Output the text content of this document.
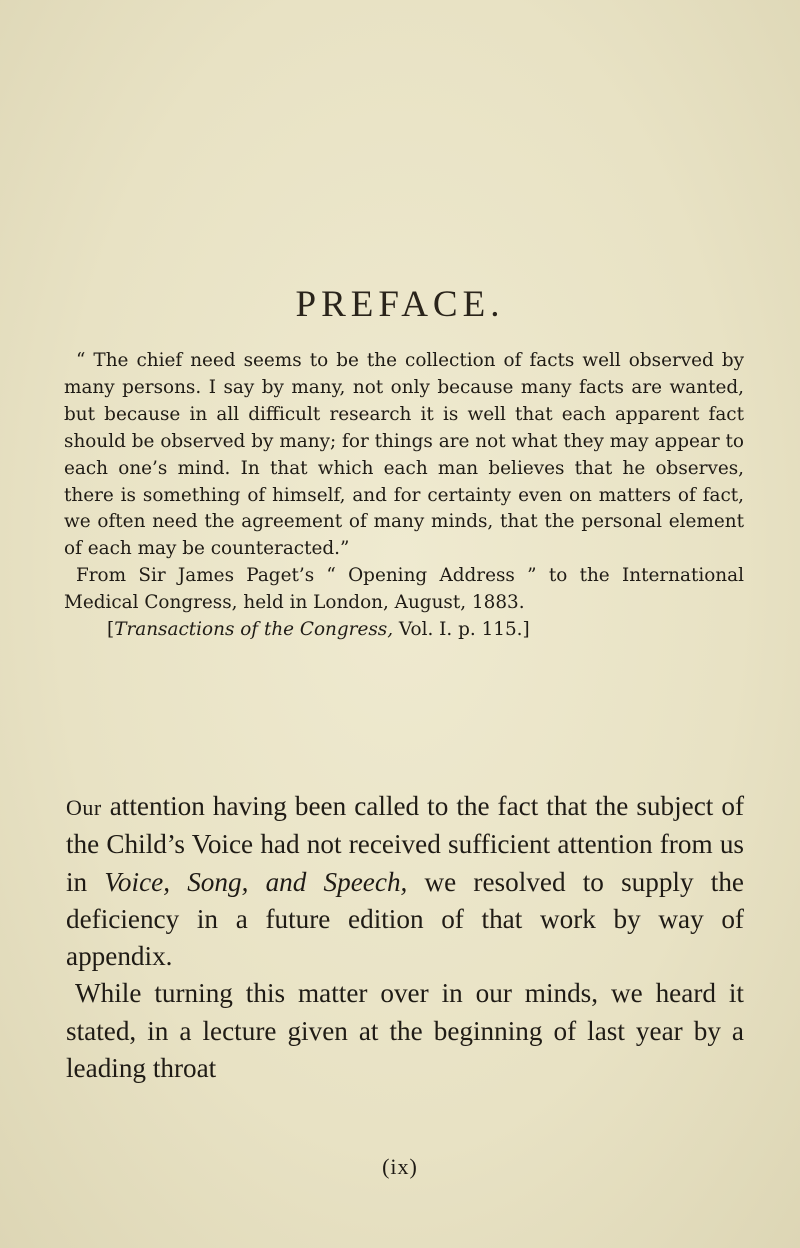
PREFACE.

“ The chief need seems to be the collection of facts well observed by many persons. I say by many, not only because many facts are wanted, but because in all difficult research it is well that each apparent fact should be observed by many; for things are not what they may appear to each one’s mind. In that which each man believes that he observes, there is something of himself, and for certainty even on matters of fact, we often need the agreement of many minds, that the personal element of each may be counteracted.”

From Sir James Paget’s “ Opening Address ” to the International Medical Congress, held in London, August, 1883.

[Transactions of the Congress, Vol. I. p. 115.]

Our attention having been called to the fact that the subject of the Child’s Voice had not received sufficient attention from us in Voice, Song, and Speech, we resolved to supply the deficiency in a future edition of that work by way of appendix.

While turning this matter over in our minds, we heard it stated, in a lecture given at the beginning of last year by a leading throat

(ix)
